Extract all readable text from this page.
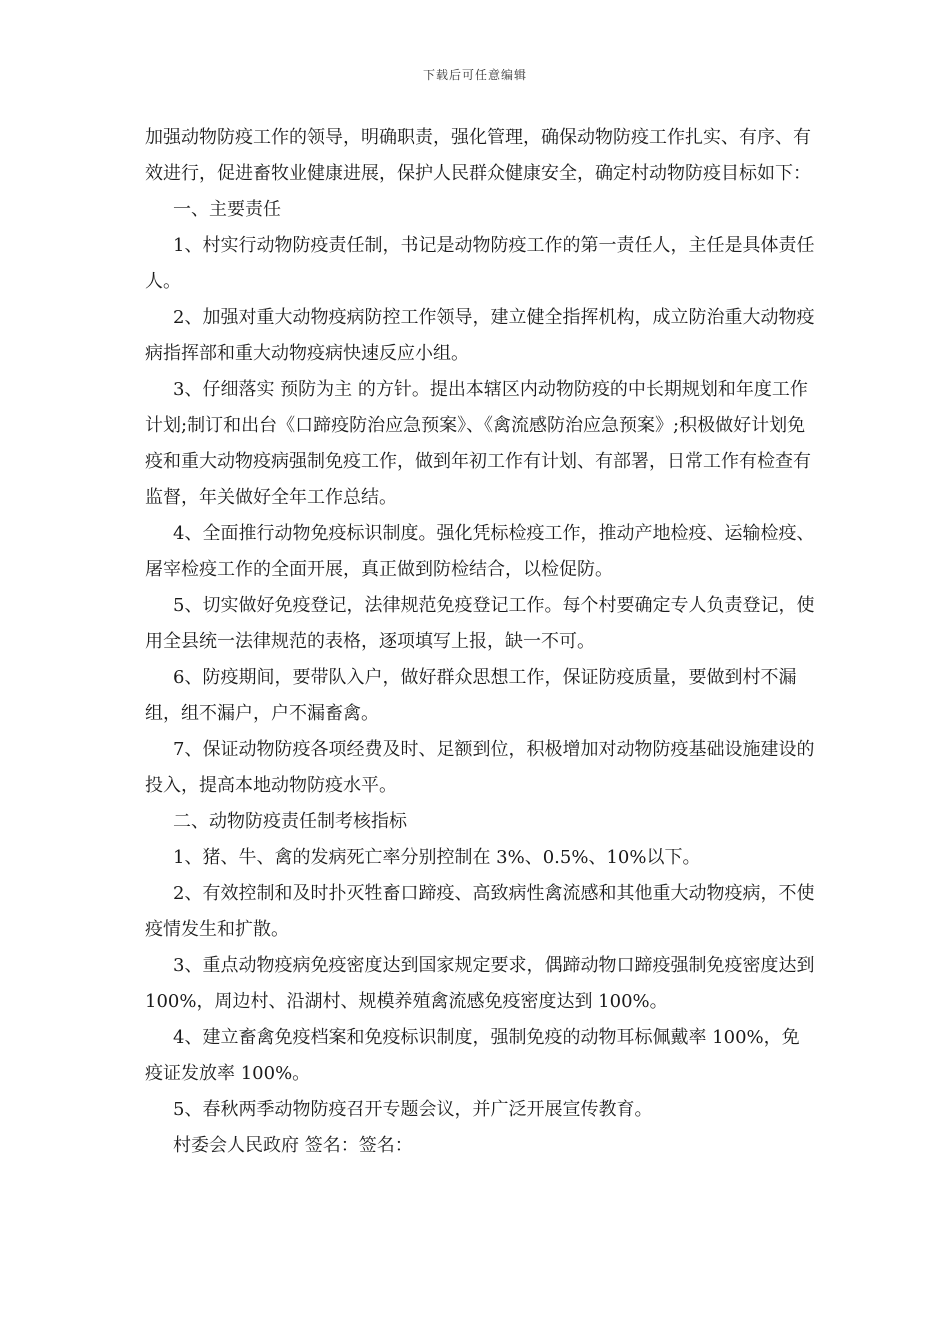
下载后可任意编辑

加强动物防疫工作的领导，明确职责，强化管理，确保动物防疫工作扎实、有序、有效进行，促进畜牧业健康进展，保护人民群众健康安全，确定村动物防疫目标如下：

一、主要责任

1、村实行动物防疫责任制，书记是动物防疫工作的第一责任人，主任是具体责任人。

2、加强对重大动物疫病防控工作领导，建立健全指挥机构，成立防治重大动物疫病指挥部和重大动物疫病快速反应小组。

3、仔细落实 预防为主 的方针。提出本辖区内动物防疫的中长期规划和年度工作计划;制订和出台《口蹄疫防治应急预案》、《禽流感防治应急预案》;积极做好计划免疫和重大动物疫病强制免疫工作，做到年初工作有计划、有部署，日常工作有检查有监督，年关做好全年工作总结。

4、全面推行动物免疫标识制度。强化凭标检疫工作，推动产地检疫、运输检疫、屠宰检疫工作的全面开展，真正做到防检结合，以检促防。

5、切实做好免疫登记，法律规范免疫登记工作。每个村要确定专人负责登记，使用全县统一法律规范的表格，逐项填写上报，缺一不可。

6、防疫期间，要带队入户，做好群众思想工作，保证防疫质量，要做到村不漏组，组不漏户，户不漏畜禽。

7、保证动物防疫各项经费及时、足额到位，积极增加对动物防疫基础设施建设的投入，提高本地动物防疫水平。

二、动物防疫责任制考核指标

1、猪、牛、禽的发病死亡率分别控制在 3%、0.5%、10%以下。

2、有效控制和及时扑灭牲畜口蹄疫、高致病性禽流感和其他重大动物疫病，不使疫情发生和扩散。

3、重点动物疫病免疫密度达到国家规定要求，偶蹄动物口蹄疫强制免疫密度达到 100%，周边村、沿湖村、规模养殖禽流感免疫密度达到 100%。

4、建立畜禽免疫档案和免疫标识制度，强制免疫的动物耳标佩戴率 100%，免疫证发放率 100%。

5、春秋两季动物防疫召开专题会议，并广泛开展宣传教育。

村委会人民政府 签名：签名：
